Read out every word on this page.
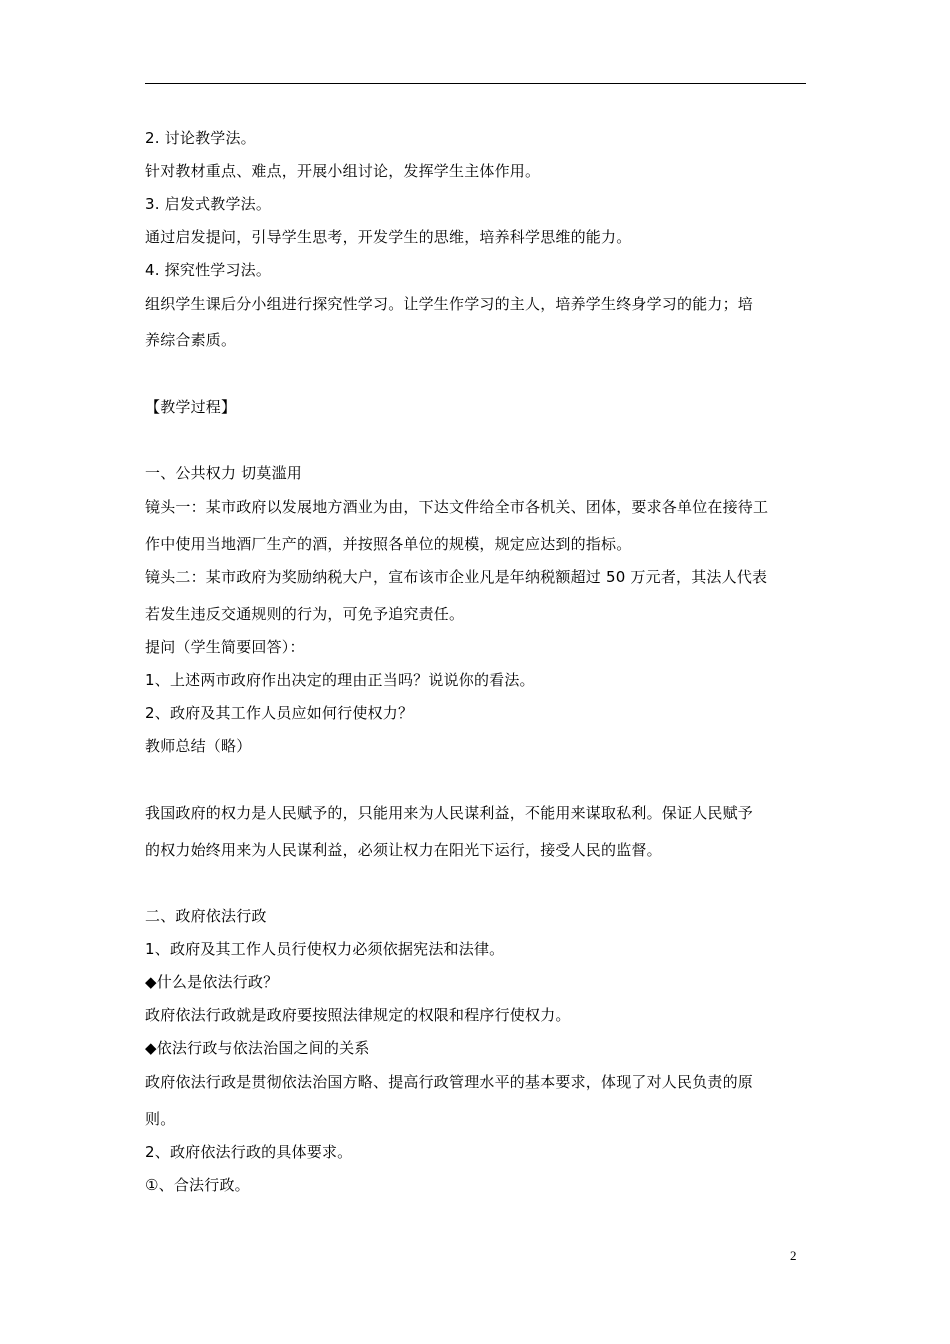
2. 讨论教学法。
针对教材重点、难点，开展小组讨论，发挥学生主体作用。
3. 启发式教学法。
通过启发提问，引导学生思考，开发学生的思维，培养科学思维的能力。
4. 探究性学习法。
组织学生课后分小组进行探究性学习。让学生作学习的主人，培养学生终身学习的能力；培
养综合素质。
【教学过程】
一、公共权力 切莫滥用
镜头一：某市政府以发展地方酒业为由，下达文件给全市各机关、团体，要求各单位在接待工
作中使用当地酒厂生产的酒，并按照各单位的规模，规定应达到的指标。
镜头二：某市政府为奖励纳税大户，宣布该市企业凡是年纳税额超过 50 万元者，其法人代表
若发生违反交通规则的行为，可免予追究责任。
提问（学生简要回答）：
1、上述两市政府作出决定的理由正当吗？说说你的看法。
2、政府及其工作人员应如何行使权力？
教师总结（略）
我国政府的权力是人民赋予的，只能用来为人民谋利益，不能用来谋取私利。保证人民赋予
的权力始终用来为人民谋利益，必须让权力在阳光下运行，接受人民的监督。
二、政府依法行政
1、政府及其工作人员行使权力必须依据宪法和法律。
◆什么是依法行政？
政府依法行政就是政府要按照法律规定的权限和程序行使权力。
◆依法行政与依法治国之间的关系
政府依法行政是贯彻依法治国方略、提高行政管理水平的基本要求，体现了对人民负责的原
则。
2、政府依法行政的具体要求。
①、合法行政。
2
